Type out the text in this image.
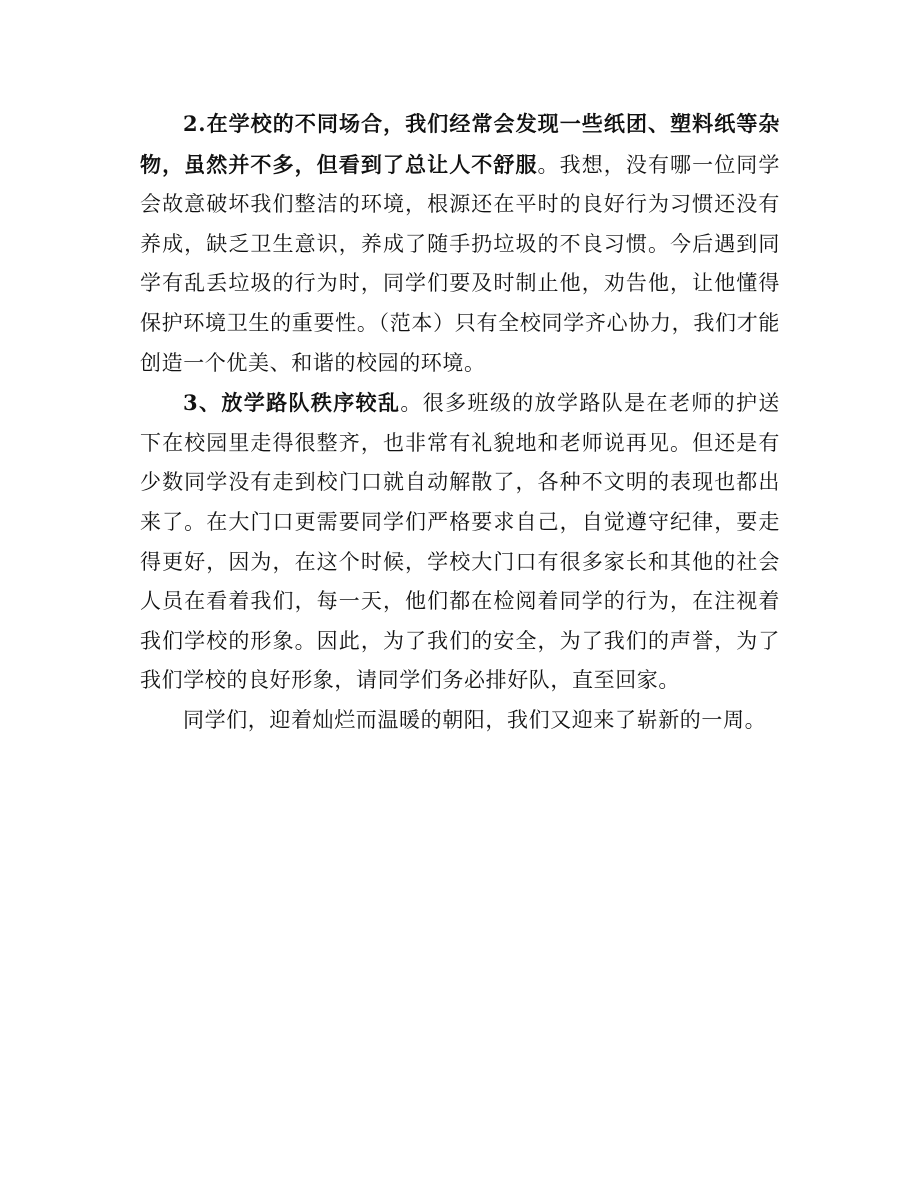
2.在学校的不同场合，我们经常会发现一些纸团、塑料纸等杂物，虽然并不多，但看到了总让人不舒服。我想，没有哪一位同学会故意破坏我们整洁的环境，根源还在平时的良好行为习惯还没有养成，缺乏卫生意识，养成了随手扔垃圾的不良习惯。今后遇到同学有乱丢垃圾的行为时，同学们要及时制止他，劝告他，让他懂得保护环境卫生的重要性。（范本）只有全校同学齐心协力，我们才能创造一个优美、和谐的校园的环境。

3、放学路队秩序较乱。很多班级的放学路队是在老师的护送下在校园里走得很整齐，也非常有礼貌地和老师说再见。但还是有少数同学没有走到校门口就自动解散了，各种不文明的表现也都出来了。在大门口更需要同学们严格要求自己，自觉遵守纪律，要走得更好，因为，在这个时候，学校大门口有很多家长和其他的社会人员在看着我们，每一天，他们都在检阅着同学的行为，在注视着我们学校的形象。因此，为了我们的安全，为了我们的声誉，为了我们学校的良好形象，请同学们务必排好队，直至回家。

同学们，迎着灿烂而温暖的朝阳，我们又迎来了崭新的一周。
